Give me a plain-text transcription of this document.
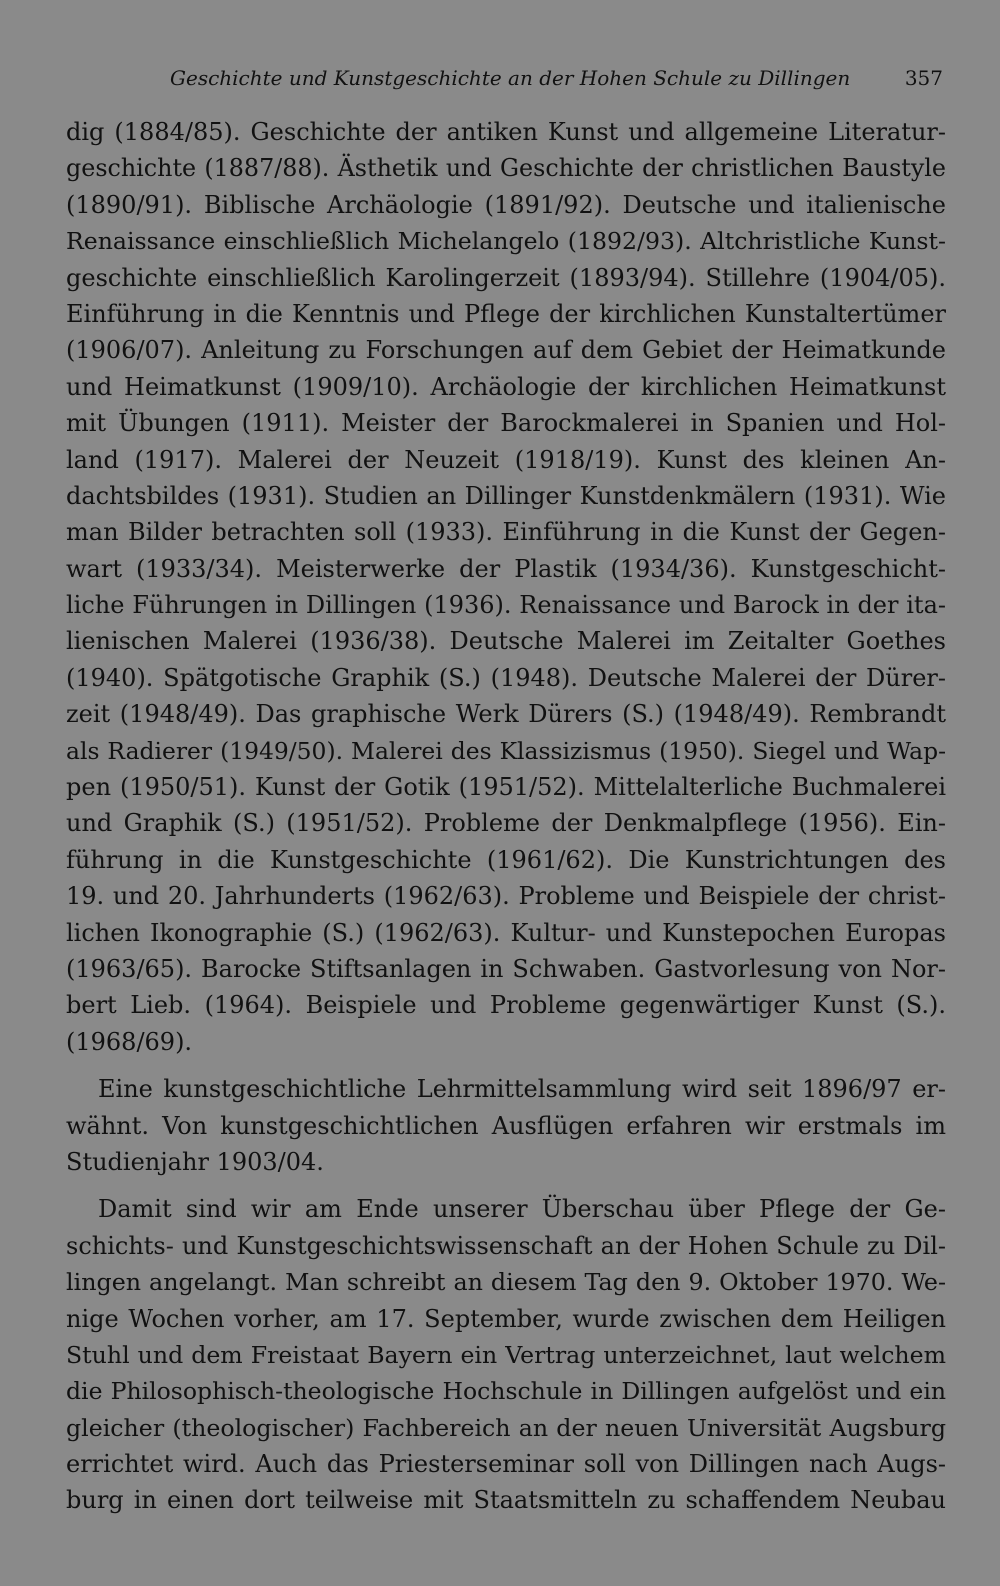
Geschichte und Kunstgeschichte an der Hohen Schule zu Dillingen	357
dig (1884/85). Geschichte der antiken Kunst und allgemeine Literatur-
geschichte (1887/88). Ästhetik und Geschichte der christlichen Baustyle
(1890/91). Biblische Archäologie (1891/92). Deutsche und italienische
Renaissance einschließlich Michelangelo (1892/93). Altchristliche Kunst-
geschichte einschließlich Karolingerzeit (1893/94). Stillehre (1904/05).
Einführung in die Kenntnis und Pflege der kirchlichen Kunstaltertümer
(1906/07). Anleitung zu Forschungen auf dem Gebiet der Heimatkunde
und Heimatkunst (1909/10). Archäologie der kirchlichen Heimatkunst
mit Übungen (1911). Meister der Barockmalerei in Spanien und Hol-
land (1917). Malerei der Neuzeit (1918/19). Kunst des kleinen An-
dachtsbildes (1931). Studien an Dillinger Kunstdenkmälern (1931). Wie
man Bilder betrachten soll (1933). Einführung in die Kunst der Gegen-
wart (1933/34). Meisterwerke der Plastik (1934/36). Kunstgeschicht-
liche Führungen in Dillingen (1936). Renaissance und Barock in der ita-
lienischen Malerei (1936/38). Deutsche Malerei im Zeitalter Goethes
(1940). Spätgotische Graphik (S.) (1948). Deutsche Malerei der Dürer-
zeit (1948/49). Das graphische Werk Dürers (S.) (1948/49). Rembrandt
als Radierer (1949/50). Malerei des Klassizismus (1950). Siegel und Wap-
pen (1950/51). Kunst der Gotik (1951/52). Mittelalterliche Buchmalerei
und Graphik (S.) (1951/52). Probleme der Denkmalpflege (1956). Ein-
führung in die Kunstgeschichte (1961/62). Die Kunstrichtungen des
19. und 20. Jahrhunderts (1962/63). Probleme und Beispiele der christ-
lichen Ikonographie (S.) (1962/63). Kultur- und Kunstepochen Europas
(1963/65). Barocke Stiftsanlagen in Schwaben. Gastvorlesung von Nor-
bert Lieb. (1964). Beispiele und Probleme gegenwärtiger Kunst (S.).
(1968/69).
Eine kunstgeschichtliche Lehrmittelsammlung wird seit 1896/97 er-
wähnt. Von kunstgeschichtlichen Ausflügen erfahren wir erstmals im
Studienjahr 1903/04.
Damit sind wir am Ende unserer Überschau über Pflege der Ge-
schichts- und Kunstgeschichtswissenschaft an der Hohen Schule zu Dil-
lingen angelangt. Man schreibt an diesem Tag den 9. Oktober 1970. We-
nige Wochen vorher, am 17. September, wurde zwischen dem Heiligen
Stuhl und dem Freistaat Bayern ein Vertrag unterzeichnet, laut welchem
die Philosophisch-theologische Hochschule in Dillingen aufgelöst und ein
gleicher (theologischer) Fachbereich an der neuen Universität Augsburg
errichtet wird. Auch das Priesterseminar soll von Dillingen nach Augs-
burg in einen dort teilweise mit Staatsmitteln zu schaffendem Neubau
